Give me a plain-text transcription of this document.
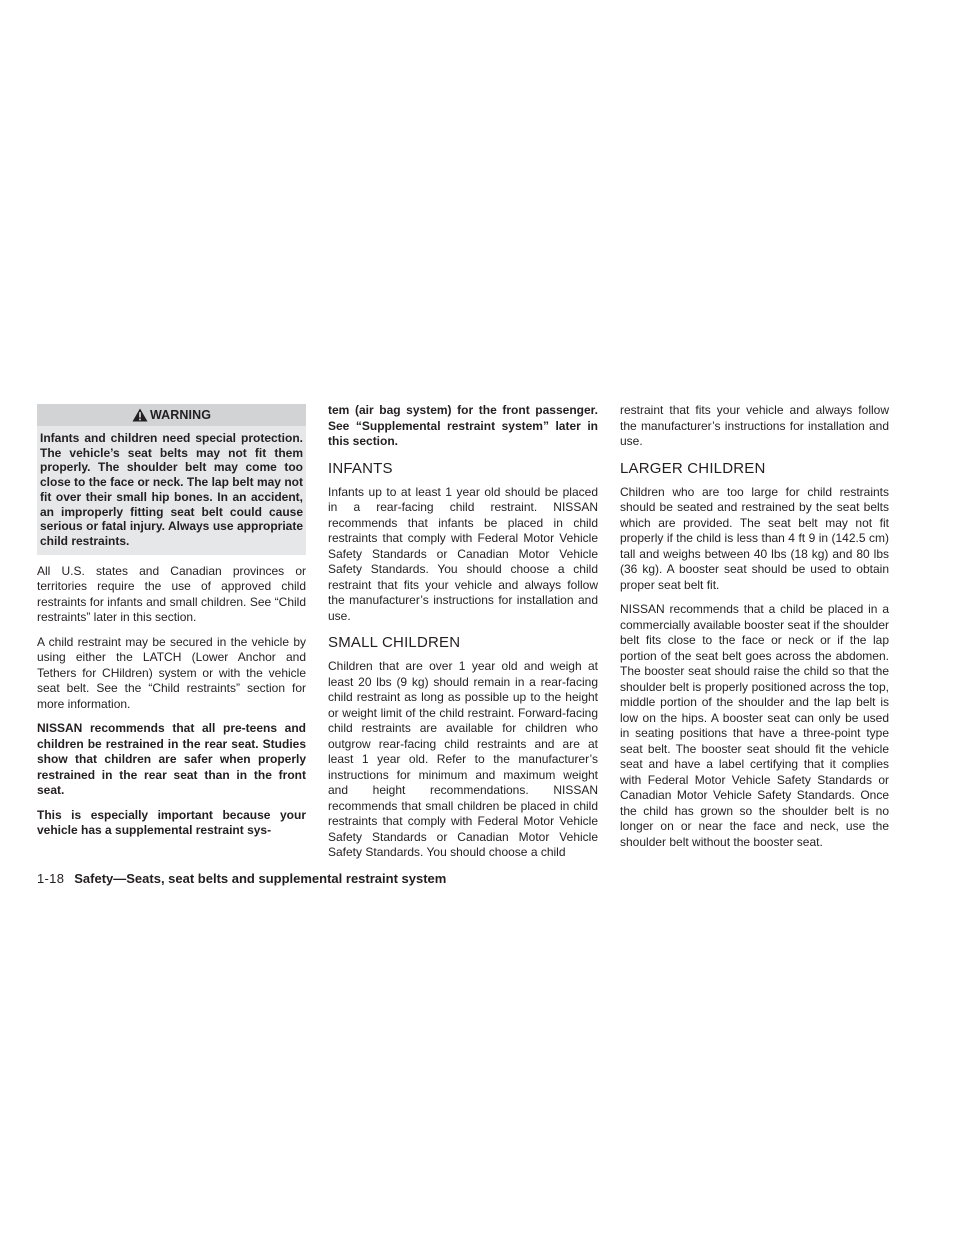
WARNING
Infants and children need special protection. The vehicle’s seat belts may not fit them properly. The shoulder belt may come too close to the face or neck. The lap belt may not fit over their small hip bones. In an accident, an improperly fitting seat belt could cause serious or fatal injury. Always use appropriate child restraints.

All U.S. states and Canadian provinces or territories require the use of approved child restraints for infants and small children. See “Child restraints” later in this section.

A child restraint may be secured in the vehicle by using either the LATCH (Lower Anchor and Tethers for CHildren) system or with the vehicle seat belt. See the “Child restraints” section for more information.

NISSAN recommends that all pre-teens and children be restrained in the rear seat. Studies show that children are safer when properly restrained in the rear seat than in the front seat.

This is especially important because your vehicle has a supplemental restraint sys-

tem (air bag system) for the front passenger. See “Supplemental restraint system” later in this section.

INFANTS

Infants up to at least 1 year old should be placed in a rear-facing child restraint. NISSAN recommends that infants be placed in child restraints that comply with Federal Motor Vehicle Safety Standards or Canadian Motor Vehicle Safety Standards. You should choose a child restraint that fits your vehicle and always follow the manufacturer’s instructions for installation and use.

SMALL CHILDREN

Children that are over 1 year old and weigh at least 20 lbs (9 kg) should remain in a rear-facing child restraint as long as possible up to the height or weight limit of the child restraint. Forward-facing child restraints are available for children who outgrow rear-facing child restraints and are at least 1 year old. Refer to the manufacturer’s instructions for minimum and maximum weight and height recommendations. NISSAN recommends that small children be placed in child restraints that comply with Federal Motor Vehicle Safety Standards or Canadian Motor Vehicle Safety Standards. You should choose a child

restraint that fits your vehicle and always follow the manufacturer’s instructions for installation and use.

LARGER CHILDREN

Children who are too large for child restraints should be seated and restrained by the seat belts which are provided. The seat belt may not fit properly if the child is less than 4 ft 9 in (142.5 cm) tall and weighs between 40 lbs (18 kg) and 80 lbs (36 kg). A booster seat should be used to obtain proper seat belt fit.

NISSAN recommends that a child be placed in a commercially available booster seat if the shoulder belt fits close to the face or neck or if the lap portion of the seat belt goes across the abdomen. The booster seat should raise the child so that the shoulder belt is properly positioned across the top, middle portion of the shoulder and the lap belt is low on the hips. A booster seat can only be used in seating positions that have a three-point type seat belt. The booster seat should fit the vehicle seat and have a label certifying that it complies with Federal Motor Vehicle Safety Standards or Canadian Motor Vehicle Safety Standards. Once the child has grown so the shoulder belt is no longer on or near the face and neck, use the shoulder belt without the booster seat.

1-18 Safety—Seats, seat belts and supplemental restraint system
